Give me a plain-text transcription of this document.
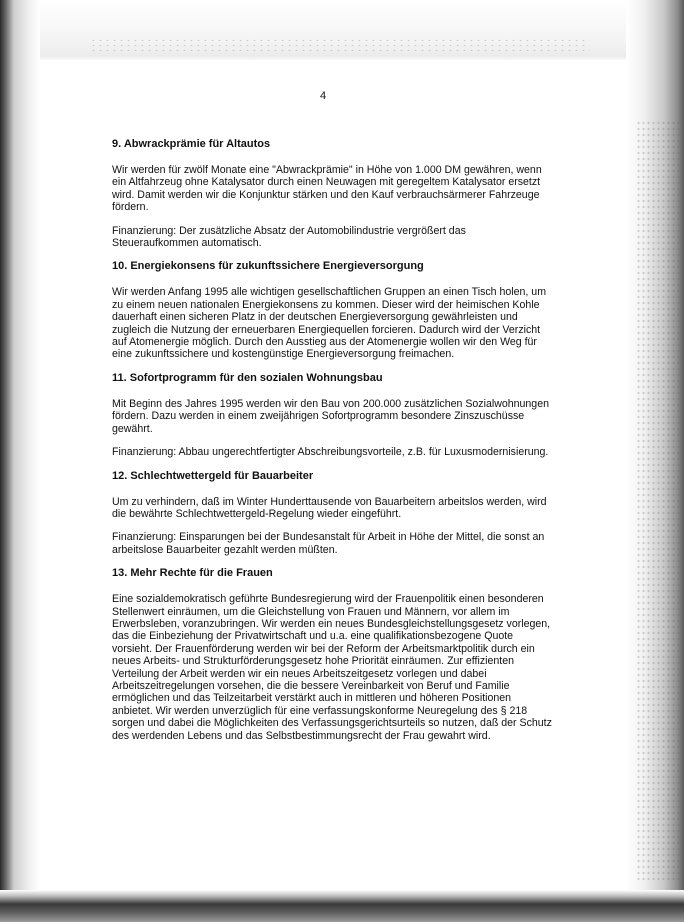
4
9. Abwrackprämie für Altautos

Wir werden für zwölf Monate eine "Abwrackprämie" in Höhe von 1.000 DM gewähren, wenn ein Altfahrzeug ohne Katalysator durch einen Neuwagen mit geregeltem Katalysator ersetzt wird. Damit werden wir die Konjunktur stärken und den Kauf verbrauchsärmerer Fahrzeuge fördern.

Finanzierung: Der zusätzliche Absatz der Automobilindustrie vergrößert das Steueraufkommen automatisch.

10. Energiekonsens für zukunftssichere Energieversorgung

Wir werden Anfang 1995 alle wichtigen gesellschaftlichen Gruppen an einen Tisch holen, um zu einem neuen nationalen Energiekonsens zu kommen. Dieser wird der heimischen Kohle dauerhaft einen sicheren Platz in der deutschen Energieversorgung gewährleisten und zugleich die Nutzung der erneuerbaren Energiequellen forcieren. Dadurch wird der Verzicht auf Atomenergie möglich. Durch den Ausstieg aus der Atomenergie wollen wir den Weg für eine zukunftssichere und kostengünstige Energieversorgung freimachen.

11. Sofortprogramm für den sozialen Wohnungsbau

Mit Beginn des Jahres 1995 werden wir den Bau von 200.000 zusätzlichen Sozialwohnungen fördern. Dazu werden in einem zweijährigen Sofortprogramm besondere Zinszuschüsse gewährt.

Finanzierung: Abbau ungerechtfertigter Abschreibungsvorteile, z.B. für Luxusmodernisierung.

12. Schlechtwettergeld für Bauarbeiter

Um zu verhindern, daß im Winter Hunderttausende von Bauarbeitern arbeitslos werden, wird die bewährte Schlechtwettergeld-Regelung wieder eingeführt.

Finanzierung: Einsparungen bei der Bundesanstalt für Arbeit in Höhe der Mittel, die sonst an arbeitslose Bauarbeiter gezahlt werden müßten.

13. Mehr Rechte für die Frauen

Eine sozialdemokratisch geführte Bundesregierung wird der Frauenpolitik einen besonderen Stellenwert einräumen, um die Gleichstellung von Frauen und Männern, vor allem im Erwerbsleben, voranzubringen. Wir werden ein neues Bundesgleichstellungsgesetz vorlegen, das die Einbeziehung der Privatwirtschaft und u.a. eine qualifikationsbezogene Quote vorsieht. Der Frauenförderung werden wir bei der Reform der Arbeitsmarktpolitik durch ein neues Arbeits- und Strukturförderungsgesetz hohe Priorität einräumen. Zur effizienten Verteilung der Arbeit werden wir ein neues Arbeitszeitgesetz vorlegen und dabei Arbeitszeitregelungen vorsehen, die die bessere Vereinbarkeit von Beruf und Familie ermöglichen und das Teilzeitarbeit verstärkt auch in mittleren und höheren Positionen anbietet. Wir werden unverzüglich für eine verfassungskonforme Neuregelung des § 218 sorgen und dabei die Möglichkeiten des Verfassungsgerichtsurteils so nutzen, daß der Schutz des werdenden Lebens und das Selbstbestimmungsrecht der Frau gewahrt wird.
